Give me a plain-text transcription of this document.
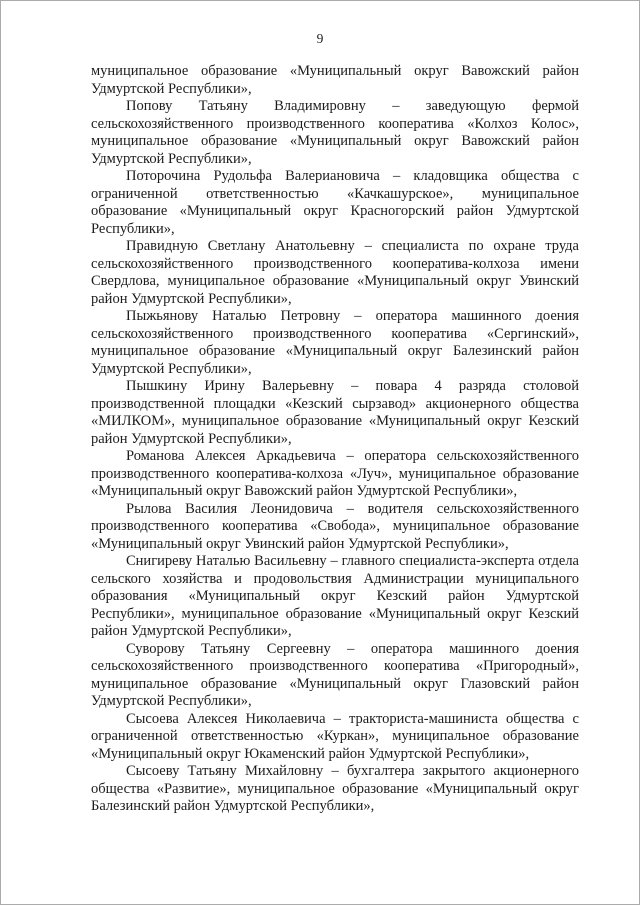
9

муниципальное образование «Муниципальный округ Вавожский район Удмуртской Республики»,

Попову Татьяну Владимировну – заведующую фермой сельскохозяйственного производственного кооператива «Колхоз Колос», муниципальное образование «Муниципальный округ Вавожский район Удмуртской Республики»,

Поторочина Рудольфа Валериановича – кладовщика общества с ограниченной ответственностью «Качкашурское», муниципальное образование «Муниципальный округ Красногорский район Удмуртской Республики»,

Правидную Светлану Анатольевну – специалиста по охране труда сельскохозяйственного производственного кооператива-колхоза имени Свердлова, муниципальное образование «Муниципальный округ Увинский район Удмуртской Республики»,

Пыжьянову Наталью Петровну – оператора машинного доения сельскохозяйственного производственного кооператива «Сергинский», муниципальное образование «Муниципальный округ Балезинский район Удмуртской Республики»,

Пышкину Ирину Валерьевну – повара 4 разряда столовой производственной площадки «Кезский сырзавод» акционерного общества «МИЛКОМ», муниципальное образование «Муниципальный округ Кезский район Удмуртской Республики»,

Романова Алексея Аркадьевича – оператора сельскохозяйственного производственного кооператива-колхоза «Луч», муниципальное образование «Муниципальный округ Вавожский район Удмуртской Республики»,

Рылова Василия Леонидовича – водителя сельскохозяйственного производственного кооператива «Свобода», муниципальное образование «Муниципальный округ Увинский район Удмуртской Республики»,

Снигиреву Наталью Васильевну – главного специалиста-эксперта отдела сельского хозяйства и продовольствия Администрации муниципального образования «Муниципальный округ Кезский район Удмуртской Республики», муниципальное образование «Муниципальный округ Кезский район Удмуртской Республики»,

Суворову Татьяну Сергеевну – оператора машинного доения сельскохозяйственного производственного кооператива «Пригородный», муниципальное образование «Муниципальный округ Глазовский район Удмуртской Республики»,

Сысоева Алексея Николаевича – тракториста-машиниста общества с ограниченной ответственностью «Куркан», муниципальное образование «Муниципальный округ Юкаменский район Удмуртской Республики»,

Сысоеву Татьяну Михайловну – бухгалтера закрытого акционерного общества «Развитие», муниципальное образование «Муниципальный округ Балезинский район Удмуртской Республики»,
